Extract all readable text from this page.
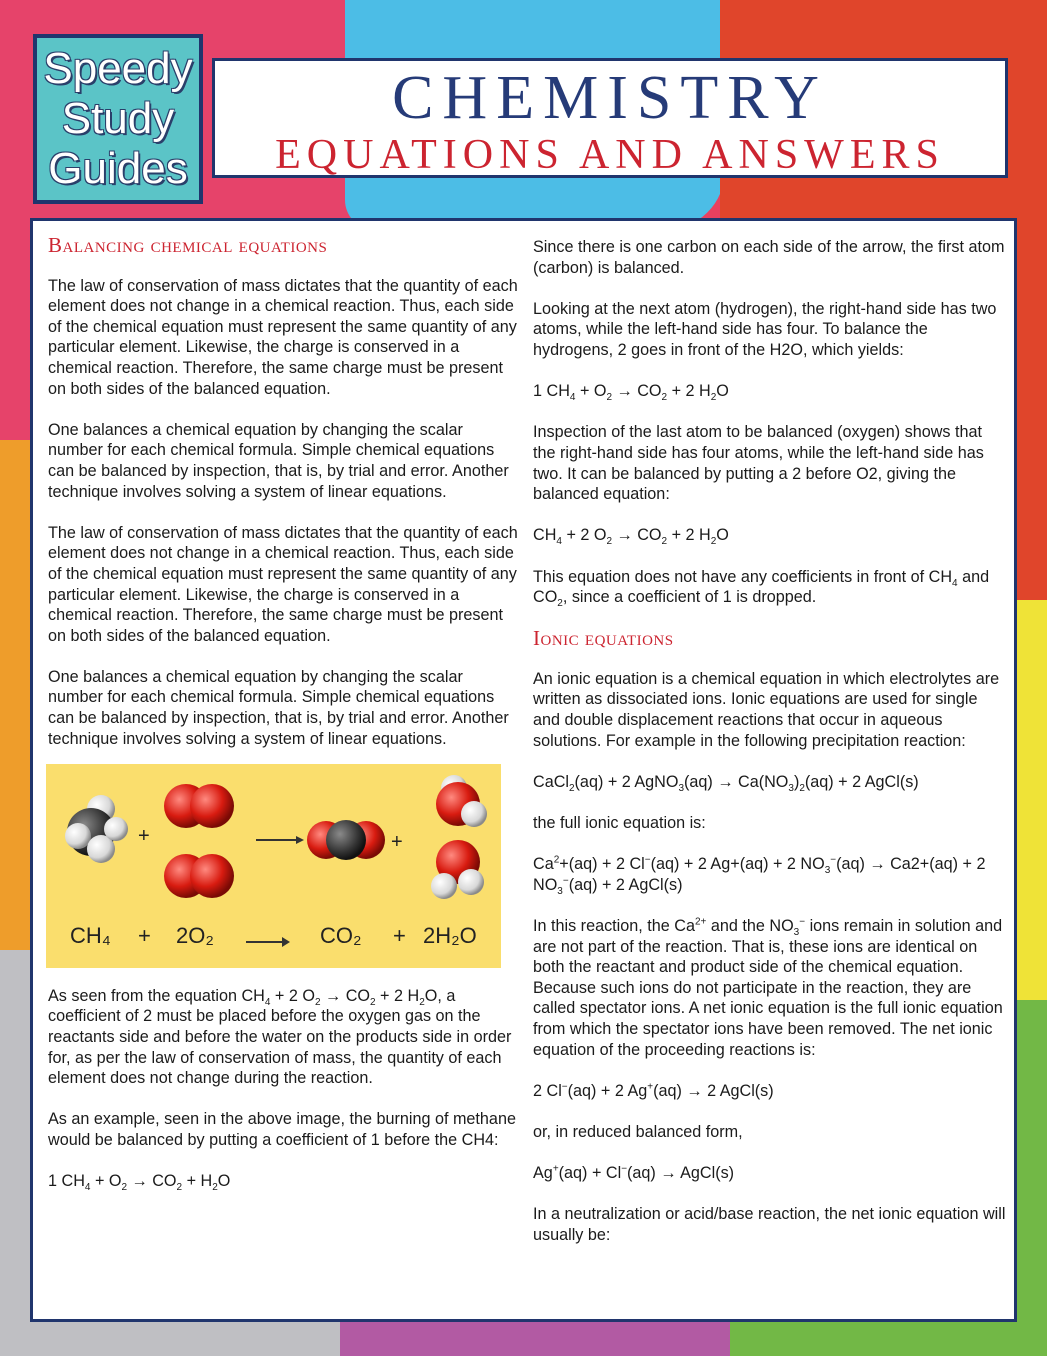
Speedy
Study
Guides
CHEMISTRY
EQUATIONS AND ANSWERS
Balancing chemical equations

The law of conservation of mass dictates that the quantity of each element does not change in a chemical reaction. Thus, each side of the chemical equation must represent the same quantity of any particular element. Likewise, the charge is conserved in a chemical reaction. Therefore, the same charge must be present on both sides of the balanced equation.

One balances a chemical equation by changing the scalar number for each chemical formula. Simple chemical equations can be balanced by inspection, that is, by trial and error. Another technique involves solving a system of linear equations.

The law of conservation of mass dictates that the quantity of each element does not change in a chemical reaction. Thus, each side of the chemical equation must represent the same quantity of any particular element. Likewise, the charge is conserved in a chemical reaction. Therefore, the same charge must be present on both sides of the balanced equation.

One balances a chemical equation by changing the scalar number for each chemical formula. Simple chemical equations can be balanced by inspection, that is, by trial and error. Another technique involves solving a system of linear equations.

+	+
CH₄ + 2O₂	CO₂ + 2H₂O

As seen from the equation $CH_4 + 2$ $O_2 \to CO_2 + 2$ $H_2O$, a coefficient of 2 must be placed before the oxygen gas on the reactants side and before the water on the products side in order for, as per the law of conservation of mass, the quantity of each element does not change during the reaction.

As an example, seen in the above image, the burning of methane would be balanced by putting a coefficient of 1 before the CH4:

1 $CH_4 + O_2 \to CO_2 + H_2O$

Since there is one carbon on each side of the arrow, the first atom (carbon) is balanced.

Looking at the next atom (hydrogen), the right-hand side has two atoms, while the left-hand side has four. To balance the hydrogens, 2 goes in front of the H2O, which yields:

1 $CH_4 + O_2 \to CO_2 + 2$ $H_2O$

Inspection of the last atom to be balanced (oxygen) shows that the right-hand side has four atoms, while the left-hand side has two. It can be balanced by putting a 2 before O2, giving the balanced equation:

$CH_4 + 2$ $O_2 \to CO_2 + 2$ $H_2O$

This equation does not have any coefficients in front of $CH_4$ and $CO_2$, since a coefficient of 1 is dropped.

Ionic equations

An ionic equation is a chemical equation in which electrolytes are written as dissociated ions. Ionic equations are used for single and double displacement reactions that occur in aqueous solutions. For example in the following precipitation reaction:

CaCl$_2$(aq) + 2 AgNO$_3$(aq) → $Ca(NO_3)_2(aq) + 2$ AgCl(s)

the full ionic equation is:

$Ca^2+(aq) + 2$ Cl−(aq) + 2 Ag+(aq) + 2 $NO_3^-(aq) \to Ca2+(aq) + 2$ $NO_3^-(aq) + 2$ AgCl(s)

In this reaction, the $Ca^{2+}$ and the $NO_3^-$ ions remain in solution and are not part of the reaction. That is, these ions are identical on both the reactant and product side of the chemical equation. Because such ions do not participate in the reaction, they are called spectator ions. A net ionic equation is the full ionic equation from which the spectator ions have been removed. The net ionic equation of the proceeding reactions is:

2 Cl−(aq) + 2 Ag+(aq) → 2 AgCl(s)

or, in reduced balanced form,

Ag+(aq) + Cl−(aq) → AgCl(s)

In a neutralization or acid/base reaction, the net ionic equation will usually be:
